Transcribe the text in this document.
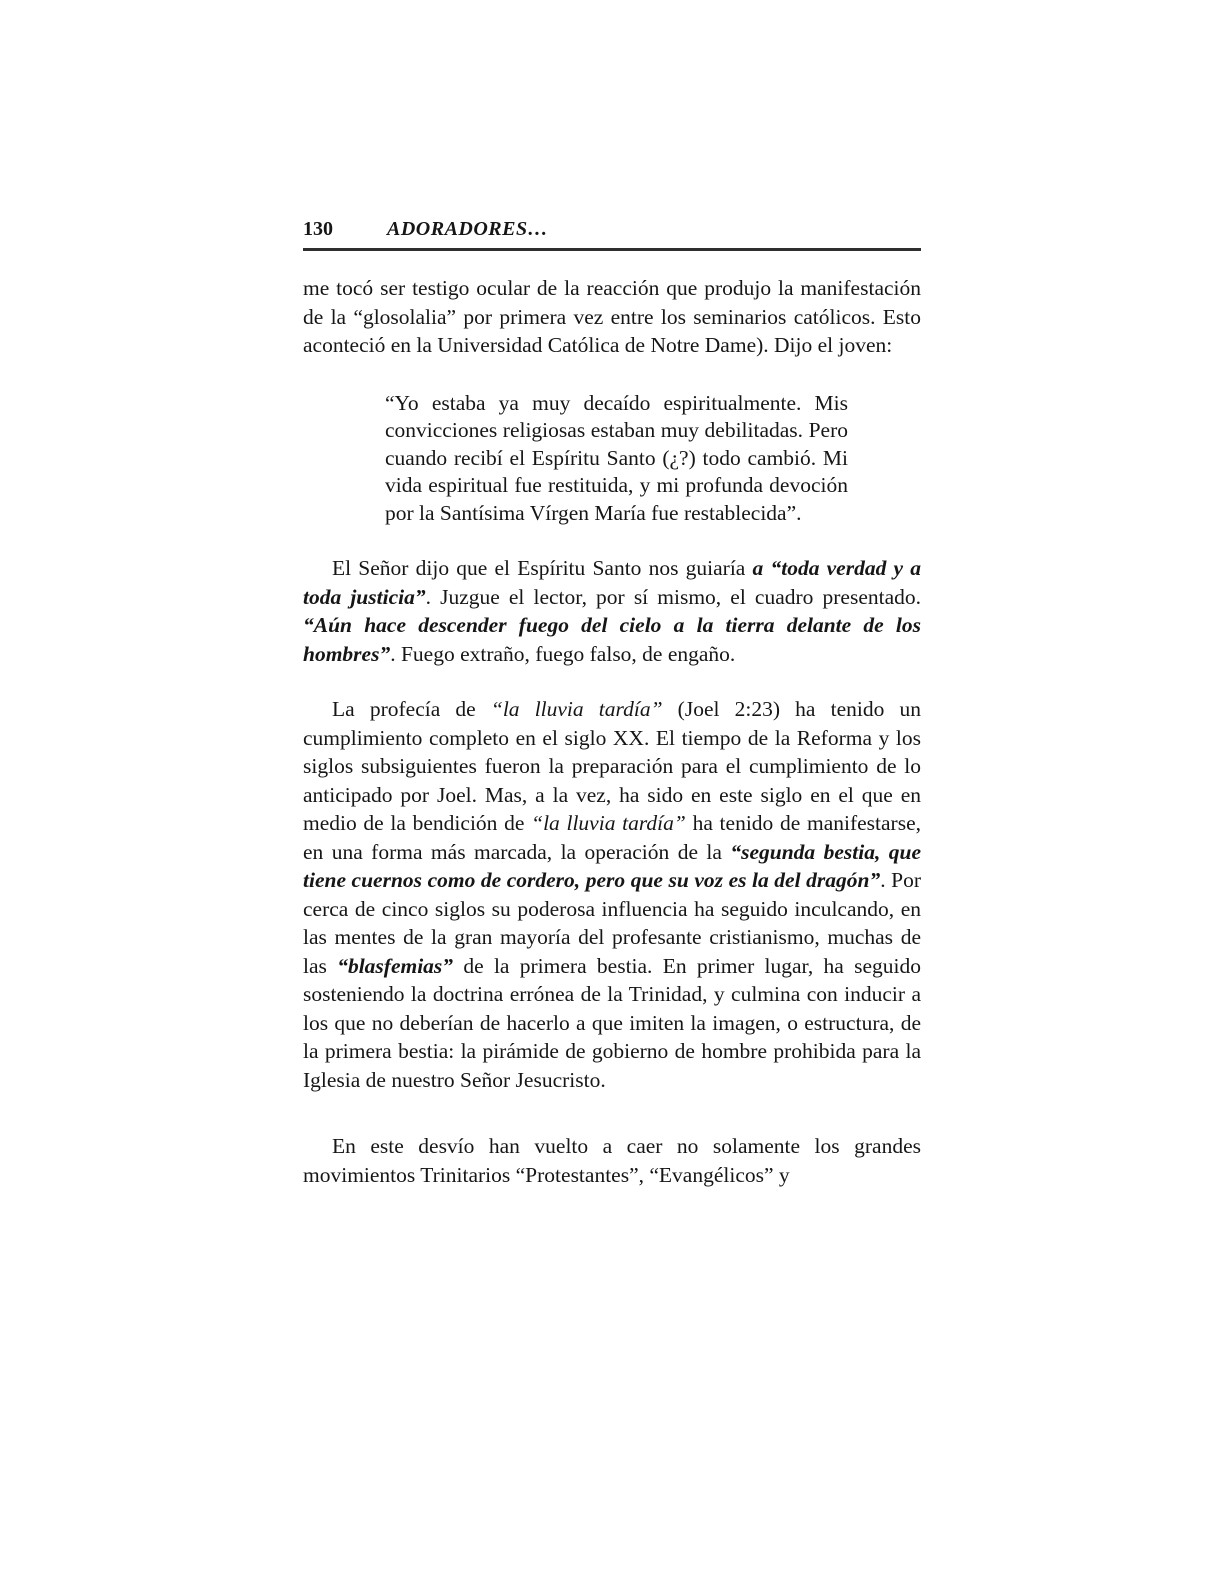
130	ADORADORES…

me tocó ser testigo ocular de la reacción que produjo la manifestación de la “glosolalia” por primera vez entre los seminarios católicos. Esto aconteció en la Universidad Católica de Notre Dame). Dijo el joven:

“Yo estaba ya muy decaído espiritualmente. Mis convicciones religiosas estaban muy debilitadas. Pero cuando recibí el Espíritu Santo (¿?) todo cambió. Mi vida espiritual fue restituida, y mi profunda devoción por la Santísima Vírgen María fue restablecida”.

El Señor dijo que el Espíritu Santo nos guiaría a “toda verdad y a toda justicia”. Juzgue el lector, por sí mismo, el cuadro presentado. “Aún hace descender fuego del cielo a la tierra delante de los hombres”. Fuego extraño, fuego falso, de engaño.

La profecía de “la lluvia tardía” (Joel 2:23) ha tenido un cumplimiento completo en el siglo XX. El tiempo de la Reforma y los siglos subsiguientes fueron la preparación para el cumplimiento de lo anticipado por Joel. Mas, a la vez, ha sido en este siglo en el que en medio de la bendición de “la lluvia tardía” ha tenido de manifestarse, en una forma más marcada, la operación de la “segunda bestia, que tiene cuernos como de cordero, pero que su voz es la del dragón”. Por cerca de cinco siglos su poderosa influencia ha seguido inculcando, en las mentes de la gran mayoría del profesante cristianismo, muchas de las “blasfemias” de la primera bestia. En primer lugar, ha seguido sosteniendo la doctrina errónea de la Trinidad, y culmina con inducir a los que no deberían de hacerlo a que imiten la imagen, o estructura, de la primera bestia: la pirámide de gobierno de hombre prohibida para la Iglesia de nuestro Señor Jesucristo.

En este desvío han vuelto a caer no solamente los grandes movimientos Trinitarios “Protestantes”, “Evangélicos” y
